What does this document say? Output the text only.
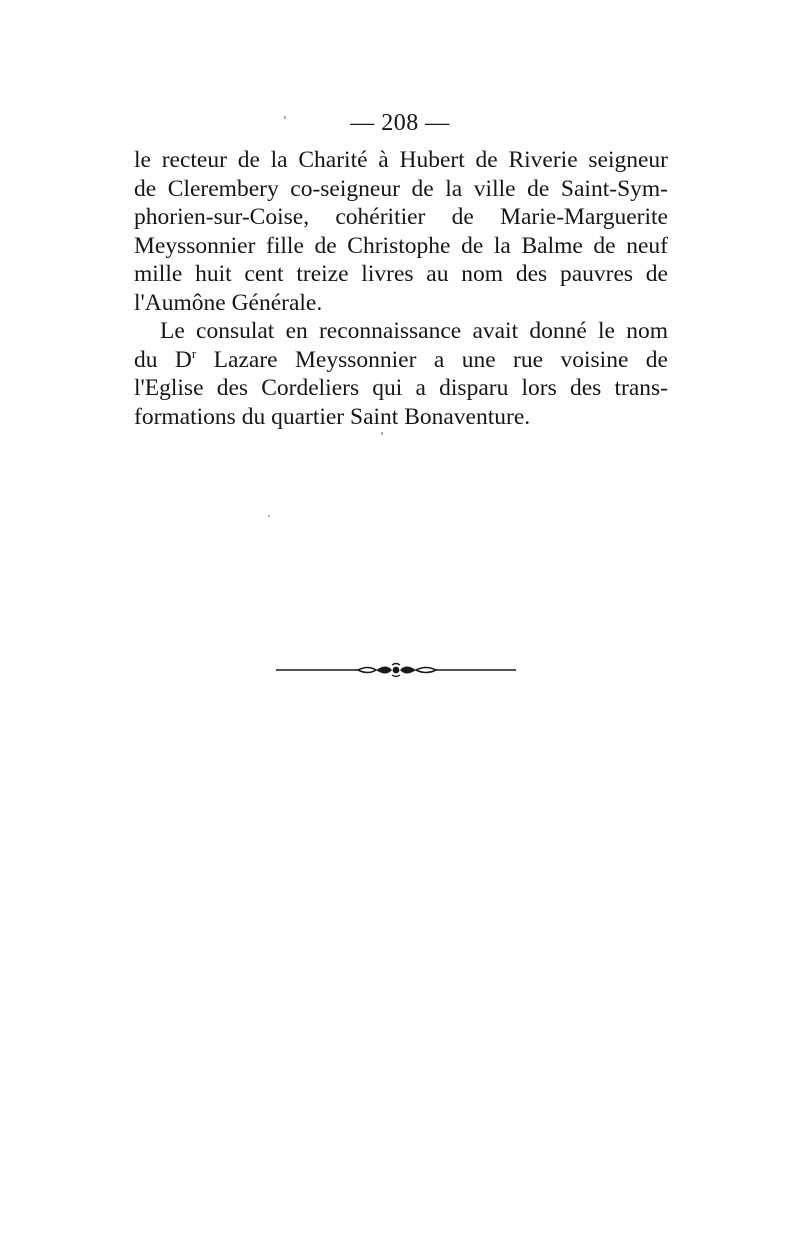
— 208 —
le recteur de la Charité à Hubert de Riverie seigneur
de Clerembery co-seigneur de la ville de Saint-Sym-
phorien-sur-Coise, cohéritier de Marie-Marguerite
Meyssonnier fille de Christophe de la Balme de neuf
mille huit cent treize livres au nom des pauvres de
l'Aumône Générale.
Le consulat en reconnaissance avait donné le nom
du $D^r$ Lazare Meyssonnier a une rue voisine de
l'Eglise des Cordeliers qui a disparu lors des trans-
formations du quartier Saint Bonaventure.
